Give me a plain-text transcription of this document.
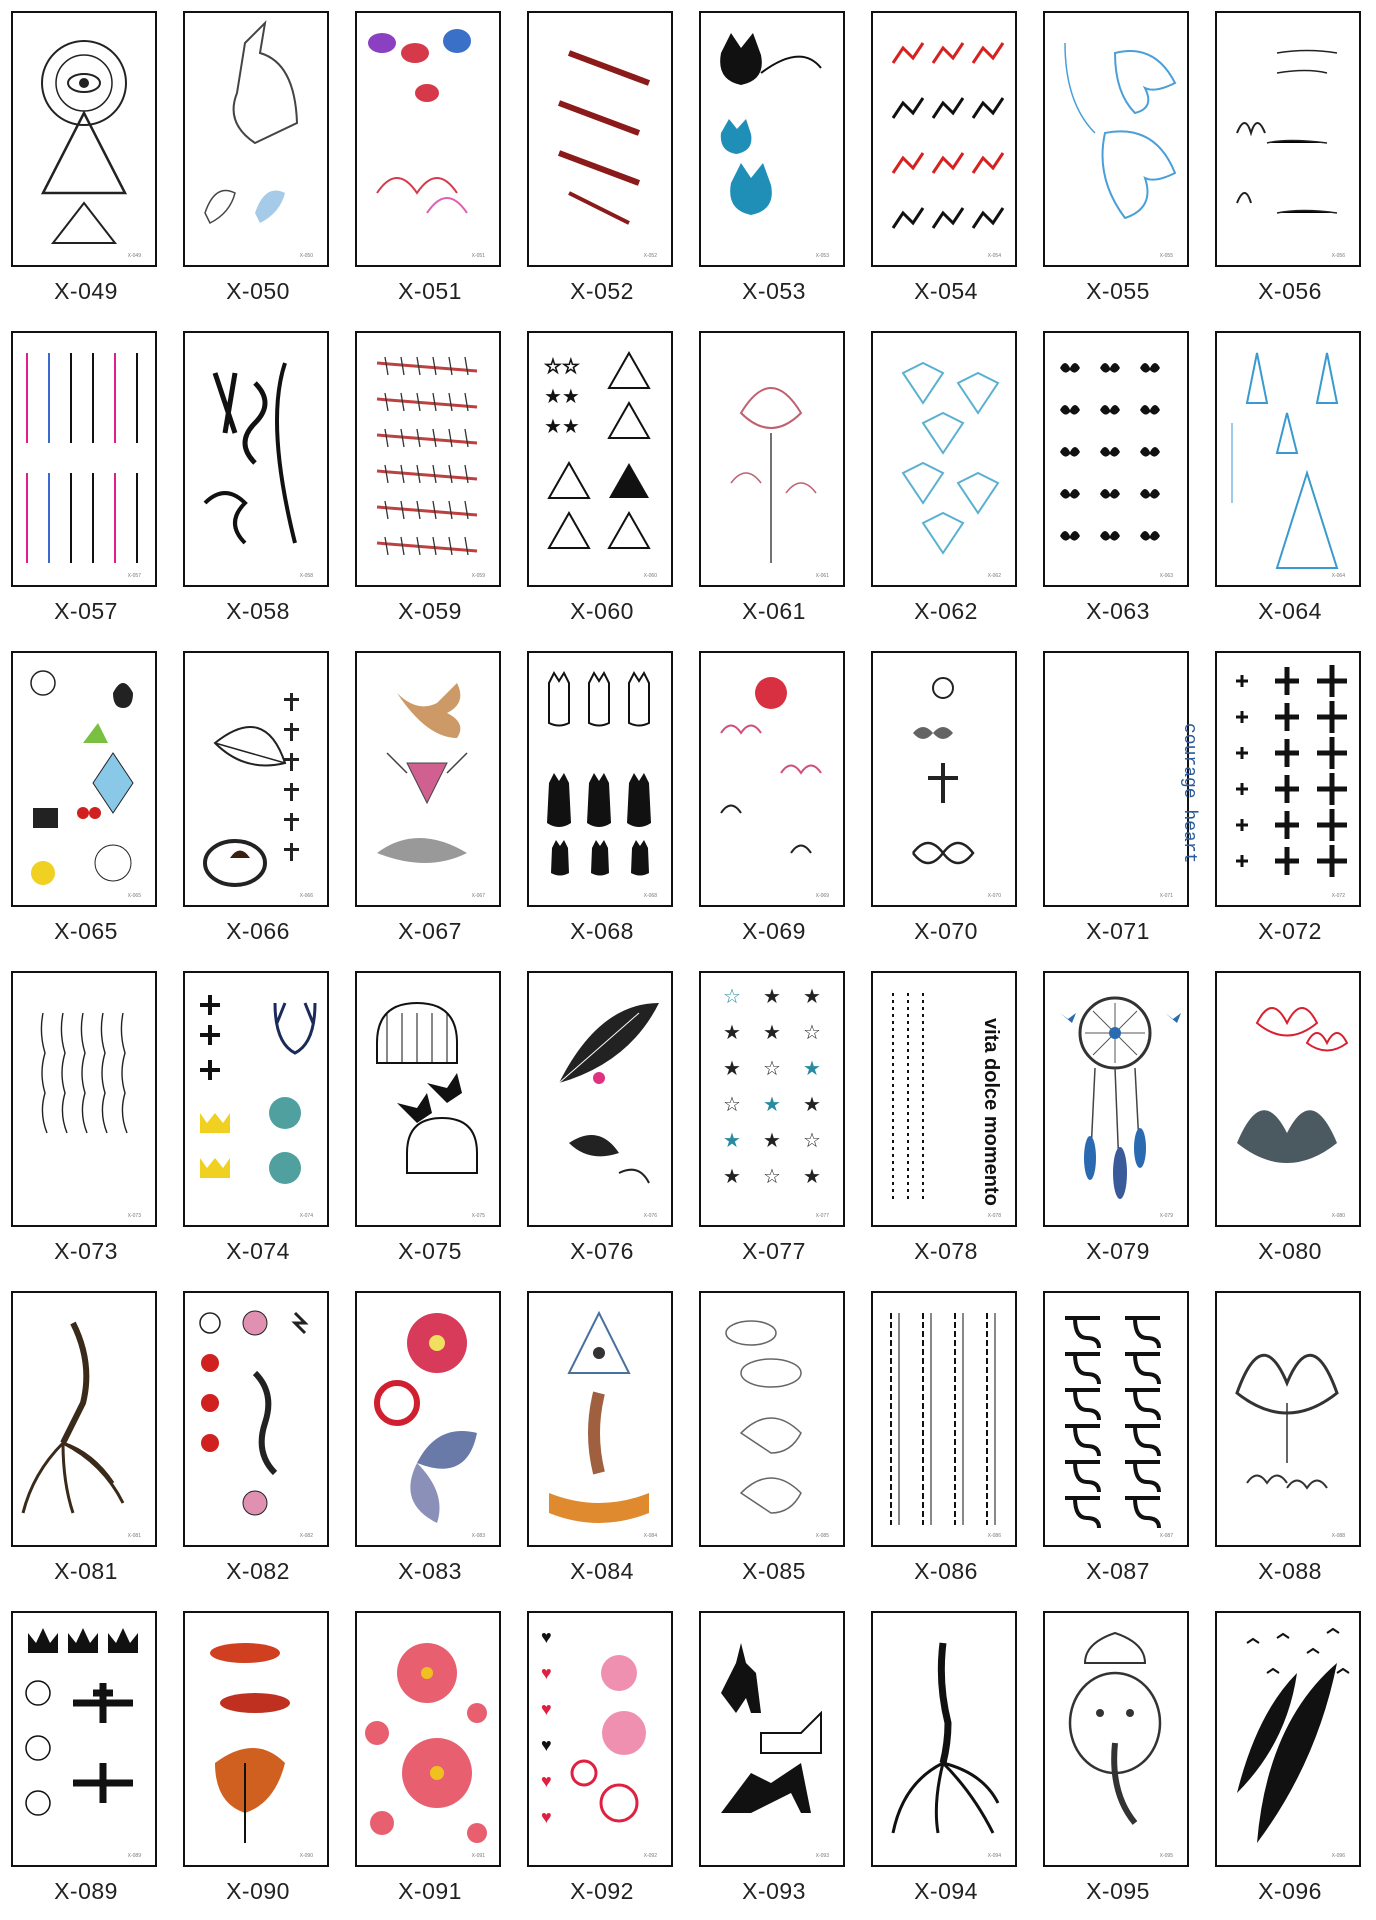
X-049
X-049
X-050
X-050
X-051
X-051
X-052
X-052
X-053
X-053
X-054
X-054
X-055
X-055
X-056
X-056
X-057
X-057
X-058
X-058
X-059
X-059
☆☆
★★
★★
X-060
X-060
X-061
X-061
X-062
X-062
X-063
X-063
X-064
X-064
X-065
X-065
X-066
X-066
X-067
X-067
X-068
X-068
X-069
X-069
X-070
X-070
courage heart
X-071
X-071
X-072
X-072
X-073
X-073
X-074
X-074
X-075
X-075
X-076
X-076
☆ ★ ★
★ ★ ☆
★ ☆ ★
☆ ★ ★
★ ★ ☆
★ ☆ ★
X-077
X-077
vita dolce momento
X-078
X-078
X-079
X-079
X-080
X-080
X-081
X-081
X-082
X-082
X-083
X-083
X-084
X-084
X-085
X-085
X-086
X-086
X-087
X-087
X-088
X-088
X-089
X-089
X-090
X-090
X-091
X-091
♥
♥
♥
♥
♥
♥
X-092
X-092
X-093
X-093
X-094
X-094
X-095
X-095
X-096
X-096
